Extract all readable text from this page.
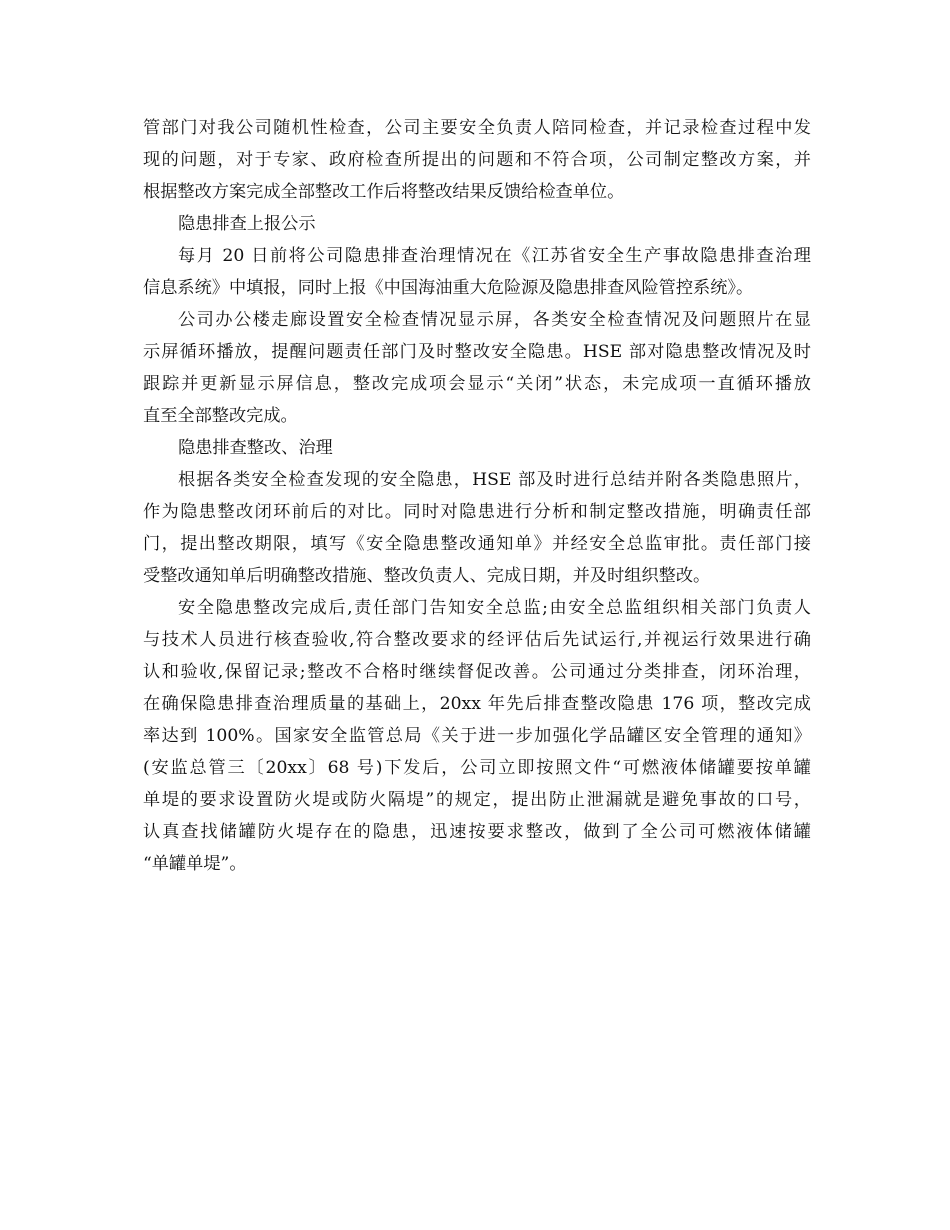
管部门对我公司随机性检查，公司主要安全负责人陪同检查，并记录检查过程中发
现的问题，对于专家、政府检查所提出的问题和不符合项，公司制定整改方案，并
根据整改方案完成全部整改工作后将整改结果反馈给检查单位。
隐患排查上报公示
每月 20 日前将公司隐患排查治理情况在《江苏省安全生产事故隐患排查治理
信息系统》中填报，同时上报《中国海油重大危险源及隐患排查风险管控系统》。
公司办公楼走廊设置安全检查情况显示屏，各类安全检查情况及问题照片在显
示屏循环播放，提醒问题责任部门及时整改安全隐患。HSE 部对隐患整改情况及时
跟踪并更新显示屏信息，整改完成项会显示“关闭”状态，未完成项一直循环播放
直至全部整改完成。
隐患排查整改、治理
根据各类安全检查发现的安全隐患，HSE 部及时进行总结并附各类隐患照片，
作为隐患整改闭环前后的对比。同时对隐患进行分析和制定整改措施，明确责任部
门，提出整改期限，填写《安全隐患整改通知单》并经安全总监审批。责任部门接
受整改通知单后明确整改措施、整改负责人、完成日期，并及时组织整改。
安全隐患整改完成后,责任部门告知安全总监;由安全总监组织相关部门负责人
与技术人员进行核查验收,符合整改要求的经评估后先试运行,并视运行效果进行确
认和验收,保留记录;整改不合格时继续督促改善。公司通过分类排查，闭环治理，
在确保隐患排查治理质量的基础上，20xx 年先后排查整改隐患 176 项，整改完成
率达到 100%。国家安全监管总局《关于进一步加强化学品罐区安全管理的通知》
(安监总管三〔20xx〕68 号)下发后，公司立即按照文件“可燃液体储罐要按单罐
单堤的要求设置防火堤或防火隔堤”的规定，提出防止泄漏就是避免事故的口号，
认真查找储罐防火堤存在的隐患，迅速按要求整改，做到了全公司可燃液体储罐
“单罐单堤”。
